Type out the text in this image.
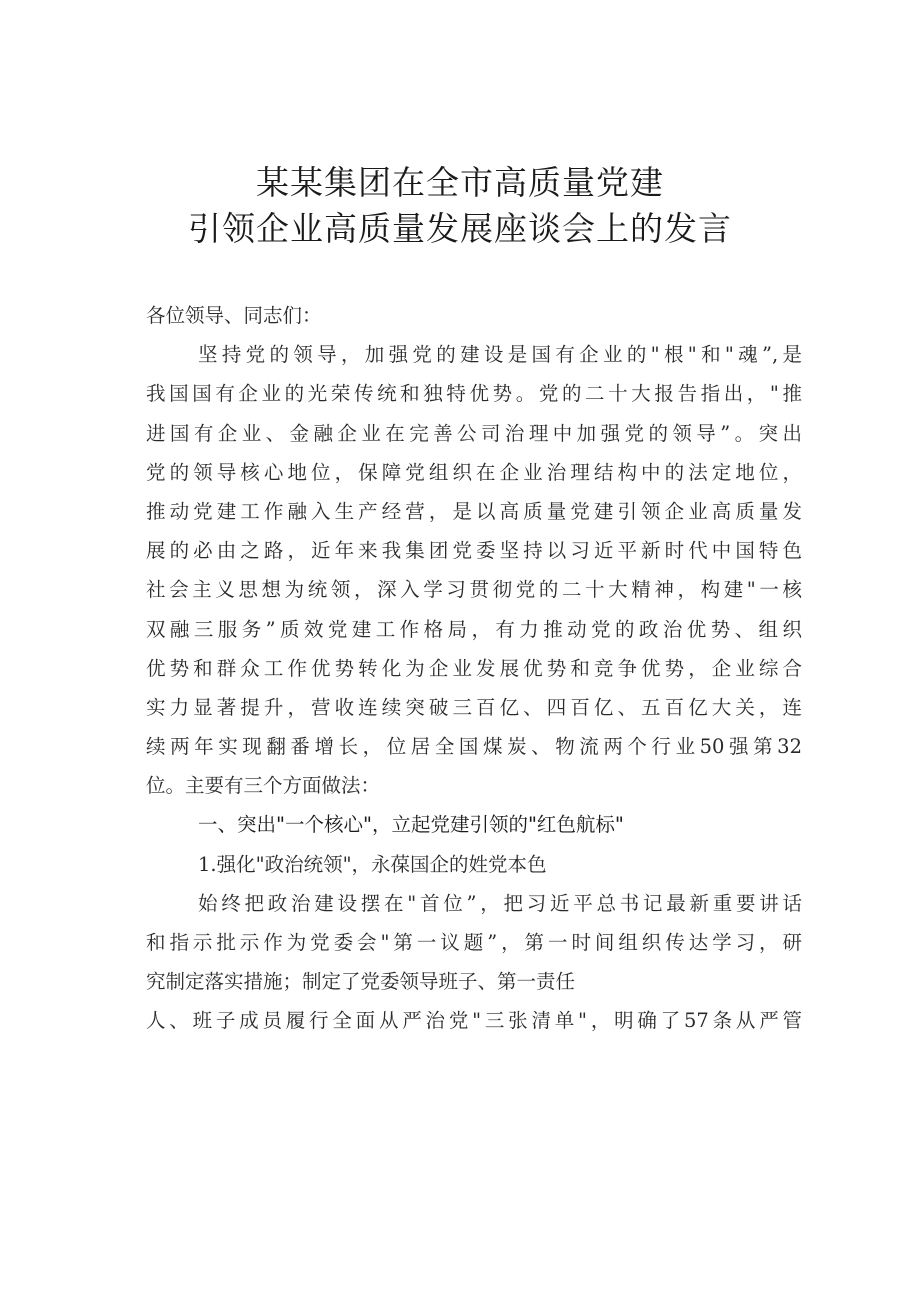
某某集团在全市高质量党建
引领企业高质量发展座谈会上的发言
各位领导、同志们：
坚持党的领导，加强党的建设是国有企业的"根"和"魂”,是
我国国有企业的光荣传统和独特优势。党的二十大报告指出，"推
进国有企业、金融企业在完善公司治理中加强党的领导”。突出
党的领导核心地位，保障党组织在企业治理结构中的法定地位，
推动党建工作融入生产经营，是以高质量党建引领企业高质量发
展的必由之路，近年来我集团党委坚持以习近平新时代中国特色
社会主义思想为统领，深入学习贯彻党的二十大精神，构建"一核
双融三服务”质效党建工作格局，有力推动党的政治优势、组织
优势和群众工作优势转化为企业发展优势和竞争优势，企业综合
实力显著提升，营收连续突破三百亿、四百亿、五百亿大关，连
续两年实现翻番增长，位居全国煤炭、物流两个行业50强第32
位。主要有三个方面做法：
一、突出"一个核心"，立起党建引领的"红色航标"
1.强化"政治统领"，永葆国企的姓党本色
始终把政治建设摆在"首位”，把习近平总书记最新重要讲话
和指示批示作为党委会"第一议题”，第一时间组织传达学习，研
究制定落实措施；制定了党委领导班子、第一责任
人、班子成员履行全面从严治党"三张清单"，明确了57条从严管
